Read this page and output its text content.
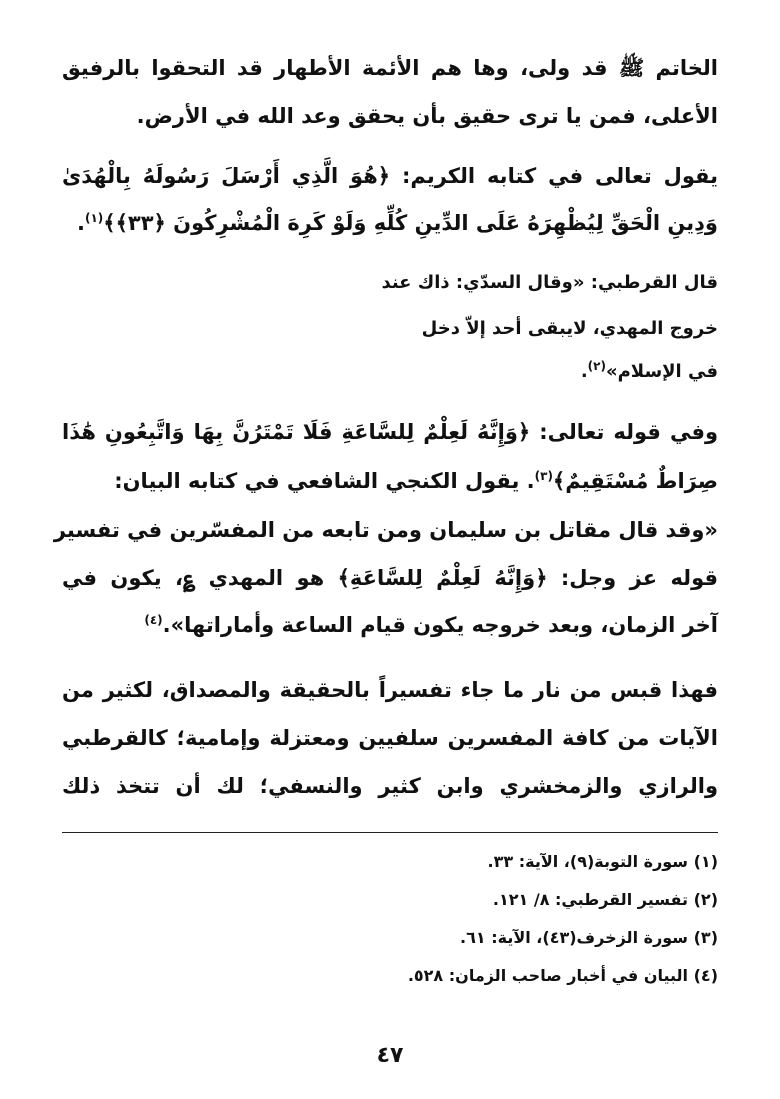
الخاتم ﷺ قد ولى، وها هم الأئمة الأطهار قد التحقوا بالرفيق
الأعلى، فمن يا ترى حقيق بأن يحقق وعد الله في الأرض.
يقول تعالى في كتابه الكريم: ﴿هُوَ الَّذِي أَرْسَلَ رَسُولَهُ بِالْهُدَىٰ
وَدِينِ الْحَقِّ لِيُظْهِرَهُ عَلَى الدِّينِ كُلِّهِ وَلَوْ كَرِهَ الْمُشْرِكُونَ ﴿٣٣﴾﴾$^{(١)}$.
قال القرطبي: «وقال السدّي: ذاك عند
خروج المهدي، لايبقى أحد إلاّ دخل
في الإسلام»$^{(٢)}$.
وفي قوله تعالى: ﴿وَإِنَّهُ لَعِلْمٌ لِلسَّاعَةِ فَلَا تَمْتَرُنَّ بِهَا وَاتَّبِعُونِ هَٰذَا
صِرَاطٌ مُسْتَقِيمٌ﴾$^{(٣)}$. يقول الكنجي الشافعي في كتابه البيان:
«وقد قال مقاتل بن سليمان ومن تابعه من المفسّرين في تفسير
قوله عز وجل: ﴿وَإِنَّهُ لَعِلْمٌ لِلسَّاعَةِ﴾ هو المهدي ؏، يكون في
آخر الزمان، وبعد خروجه يكون قيام الساعة وأماراتها».$^{(٤)}$
فهذا قبس من نار ما جاء تفسيراً بالحقيقة والمصداق، لكثير من
الآيات من كافة المفسرين سلفيين ومعتزلة وإمامية؛ كالقرطبي
والرازي والزمخشري وابن كثير والنسفي؛ لك أن تتخذ ذلك
(١) سورة التوبة(٩)، الآية: ٣٣.
(٢) تفسير القرطبي: ٨/ ١٢١.
(٣) سورة الزخرف(٤٣)، الآية: ٦١.
(٤) البيان في أخبار صاحب الزمان: ٥٢٨.
٤٧
